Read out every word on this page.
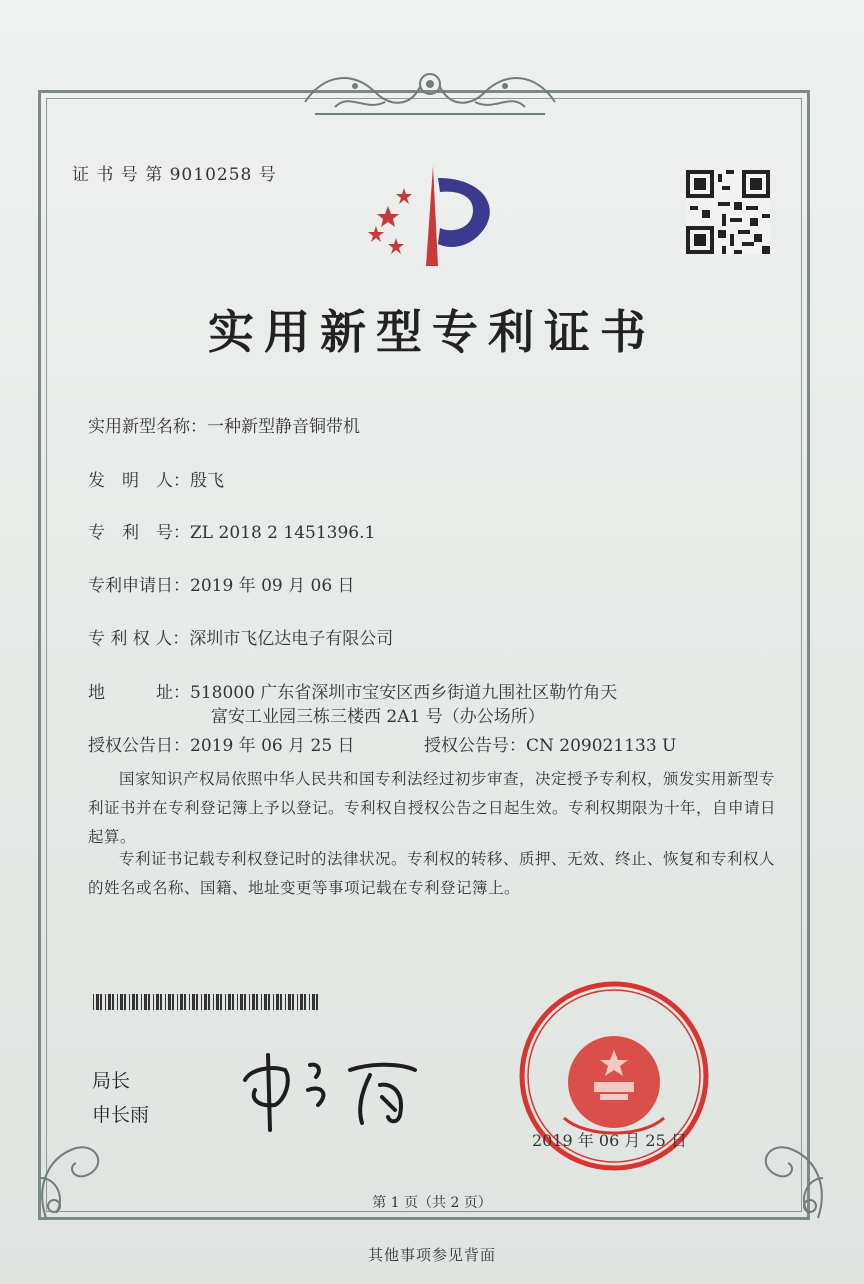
证 书 号 第 9010258 号
实用新型专利证书
实用新型名称：一种新型静音铜带机
发　明　人：殷飞
专　利　号：ZL 2018 2 1451396.1
专利申请日：2019 年 09 月 06 日
专 利 权 人：深圳市飞亿达电子有限公司
地　　　址：518000 广东省深圳市宝安区西乡街道九围社区勒竹角天
富安工业园三栋三楼西 2A1 号（办公场所）
授权公告日：2019 年 06 月 25 日	授权公告号：CN 209021133 U
国家知识产权局依照中华人民共和国专利法经过初步审查，决定授予专利权，颁发实用新型专利证书并在专利登记簿上予以登记。专利权自授权公告之日起生效。专利权期限为十年，自申请日起算。
专利证书记载专利权登记时的法律状况。专利权的转移、质押、无效、终止、恢复和专利权人的姓名或名称、国籍、地址变更等事项记载在专利登记簿上。
局长
申长雨
2019 年 06 月 25 日
第 1 页（共 2 页）
其他事项参见背面
